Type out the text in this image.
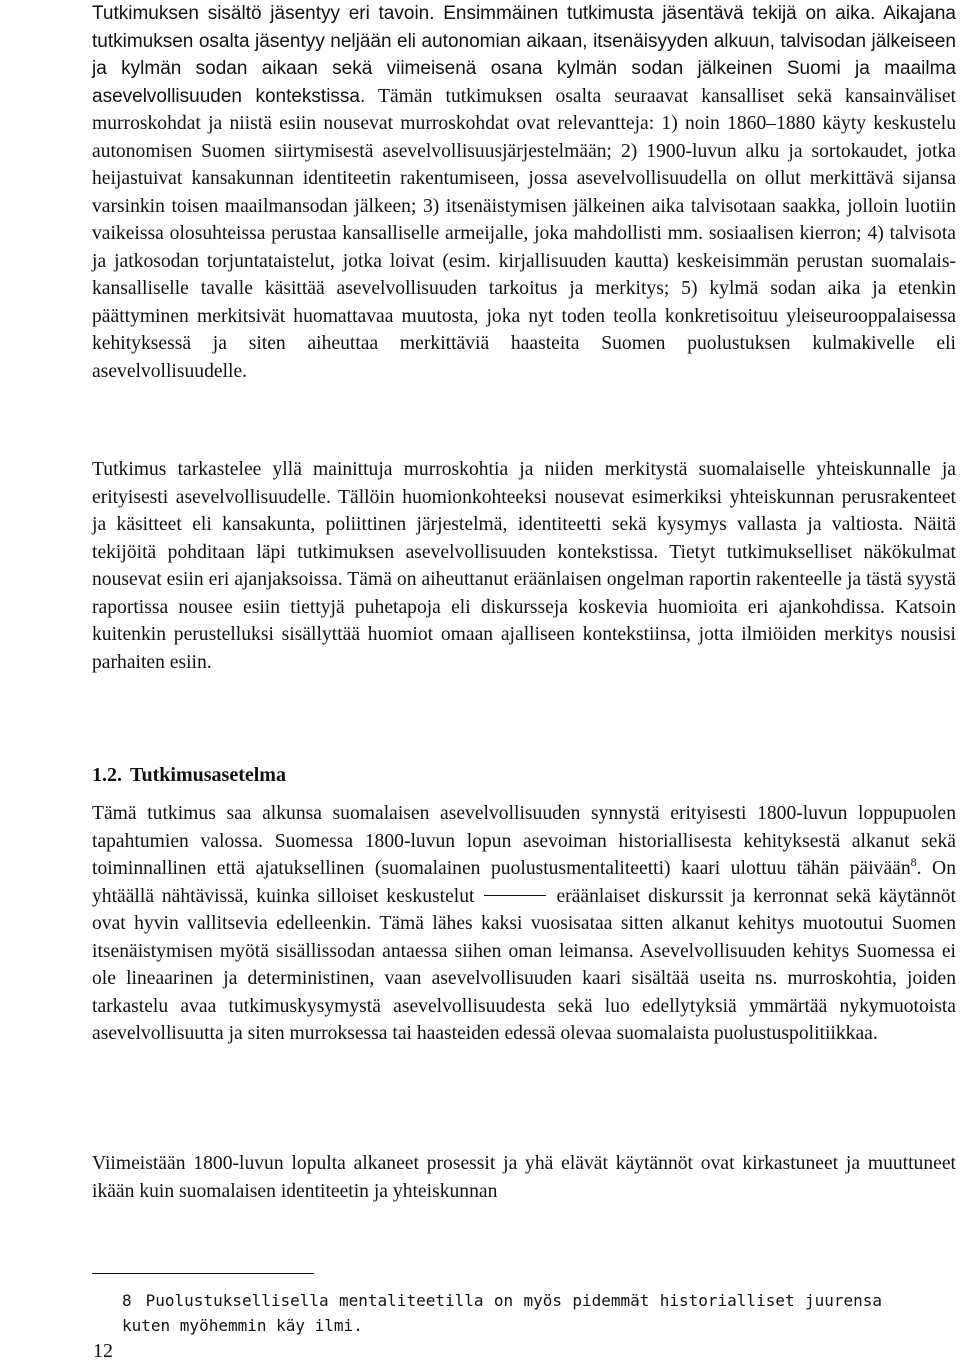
Tutkimuksen sisältö jäsentyy eri tavoin. Ensimmäinen tutkimusta jäsentävä tekijä on aika. Aikajana tutkimuksen osalta jäsentyy neljään eli autonomian aikaan, itsenäisyyden alkuun, talvisodan jälkeiseen ja kylmän sodan aikaan sekä viimeisenä osana kylmän sodan jälkeinen Suomi ja maailma asevelvollisuuden kontekstissa. Tämän tutkimuksen osalta seuraavat kansalliset sekä kansainväliset murroskohdat ja niistä esiin nousevat murroskohdat ovat relevantteja: 1) noin 1860–1880 käyty keskustelu autonomisen Suomen siirtymisestä asevelvollisuusjärjestelmään; 2) 1900-luvun alku ja sortokaudet, jotka heijastuivat kansakunnan identiteetin rakentumiseen, jossa asevelvollisuudella on ollut merkittävä sijansa varsinkin toisen maailmansodan jälkeen; 3) itsenäistymisen jälkeinen aika talvisotaan saakka, jolloin luotiin vaikeissa olosuhteissa perustaa kansalliselle armeijalle, joka mahdollisti mm. sosiaalisen kierron; 4) talvisota ja jatkosodan torjuntataistelut, jotka loivat (esim. kirjallisuuden kautta) keskeisimmän perustan suomalais-kansalliselle tavalle käsittää asevelvollisuuden tarkoitus ja merkitys; 5) kylmä sodan aika ja etenkin päättyminen merkitsivät huomattavaa muutosta, joka nyt toden teolla konkretisoituu yleiseurooppalaisessa kehityksessä ja siten aiheuttaa merkittäviä haasteita Suomen puolustuksen kulmakivelle eli asevelvollisuudelle.

Tutkimus tarkastelee yllä mainittuja murroskohtia ja niiden merkitystä suomalaiselle yhteiskunnalle ja erityisesti asevelvollisuudelle. Tällöin huomionkohteeksi nousevat esimerkiksi yhteiskunnan perusrakenteet ja käsitteet eli kansakunta, poliittinen järjestelmä, identiteetti sekä kysymys vallasta ja valtiosta. Näitä tekijöitä pohditaan läpi tutkimuksen asevelvollisuuden kontekstissa. Tietyt tutkimukselliset näkökulmat nousevat esiin eri ajanjaksoissa. Tämä on aiheuttanut eräänlaisen ongelman raportin rakenteelle ja tästä syystä raportissa nousee esiin tiettyjä puhetapoja eli diskursseja koskevia huomioita eri ajankohdissa. Katsoin kuitenkin perustelluksi sisällyttää huomiot omaan ajalliseen kontekstiinsa, jotta ilmiöiden merkitys nousisi parhaiten esiin.

1.2. Tutkimusasetelma

Tämä tutkimus saa alkunsa suomalaisen asevelvollisuuden synnystä erityisesti 1800-luvun loppupuolen tapahtumien valossa. Suomessa 1800-luvun lopun asevoiman historiallisesta kehityksestä alkanut sekä toiminnallinen että ajatuksellinen (suomalainen puolustusmentaliteetti) kaari ulottuu tähän päivään$^8$. On yhtäällä nähtävissä, kuinka silloiset keskustelut	eräänlaiset diskurssit ja kerronnat sekä käytännöt ovat hyvin vallitsevia edelleenkin. Tämä lähes kaksi vuosisataa sitten alkanut kehitys muotoutui Suomen itsenäistymisen myötä sisällissodan antaessa siihen oman leimansa. Asevelvollisuuden kehitys Suomessa ei ole lineaarinen ja deterministinen, vaan asevelvollisuuden kaari sisältää useita ns. murroskohtia, joiden tarkastelu avaa tutkimuskysymystä asevelvollisuudesta sekä luo edellytyksiä ymmärtää nykymuotoista asevelvollisuutta ja siten murroksessa tai haasteiden edessä olevaa suomalaista puolustuspolitiikkaa.

Viimeistään 1800-luvun lopulta alkaneet prosessit ja yhä elävät käytännöt ovat kirkastuneet ja muuttuneet ikään kuin suomalaisen identiteetin ja yhteiskunnan

8 Puolustuksellisella mentaliteetilla on myös pidemmät historialliset juurensa kuten myöhemmin käy ilmi.

12
